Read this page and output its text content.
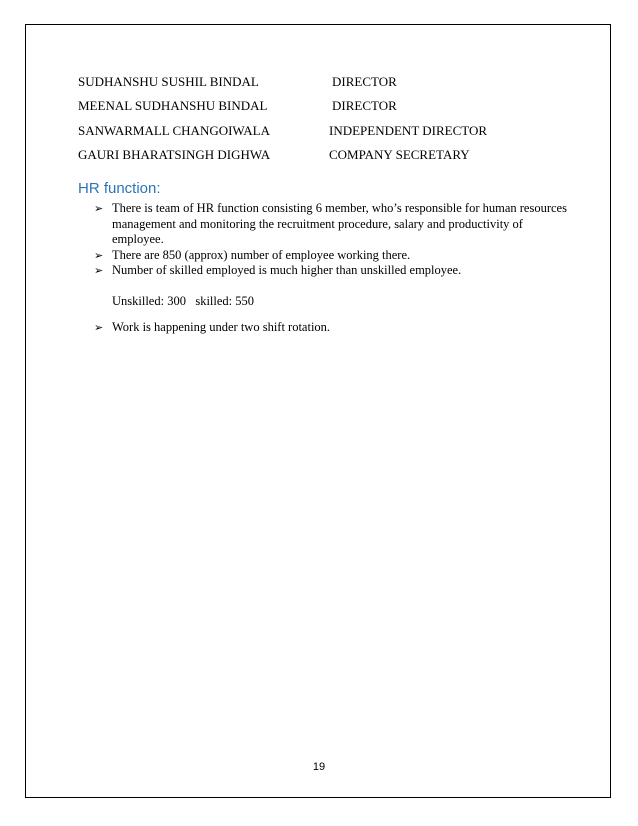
SUDHANSHU SUSHIL BINDAL	DIRECTOR
MEENAL SUDHANSHU BINDAL	DIRECTOR
SANWARMALL CHANGOIWALA	INDEPENDENT DIRECTOR
GAURI BHARATSINGH DIGHWA	COMPANY SECRETARY
HR function:
➢ There is team of HR function consisting 6 member, who’s responsible for human resources management and monitoring the recruitment procedure, salary and productivity of employee.
➢ There are 850 (approx) number of employee working there.
➢ Number of skilled employed is much higher than unskilled employee.
Unskilled: 300   skilled: 550
➢ Work is happening under two shift rotation.
19
